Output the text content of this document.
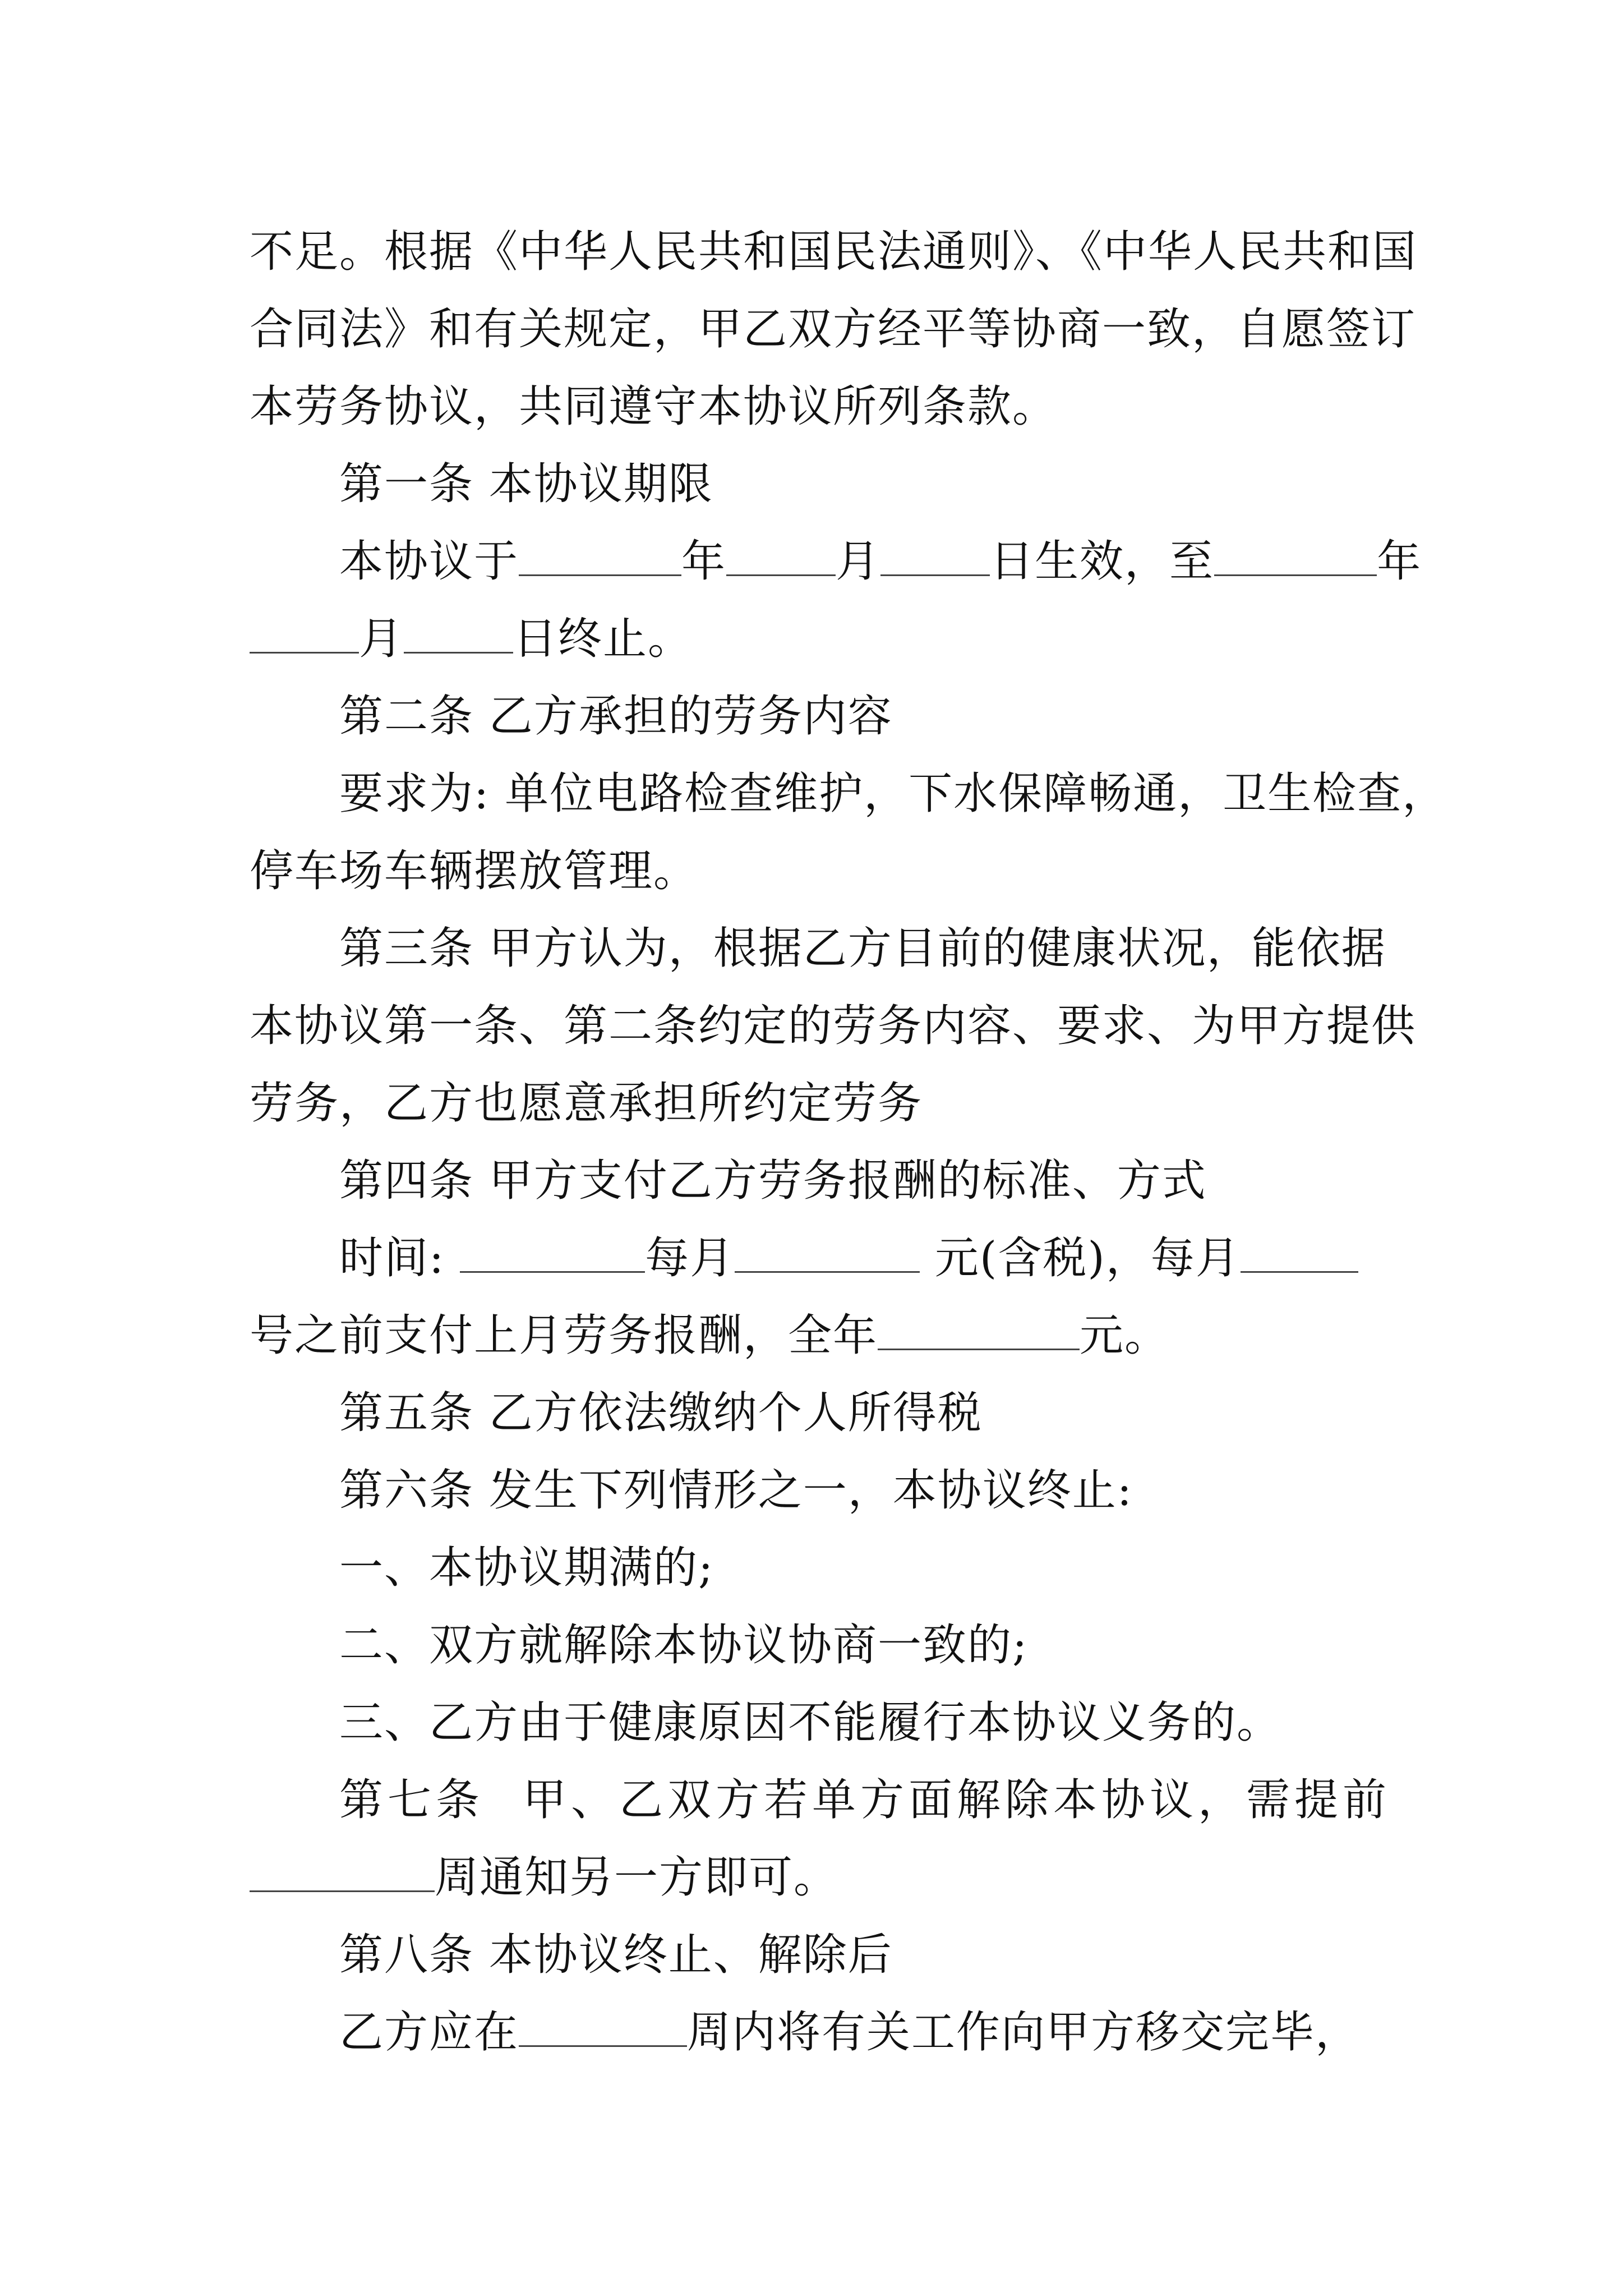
不足。根据《中华人民共和国民法通则》、《中华人民共和国
合同法》和有关规定，甲乙双方经平等协商一致，自愿签订
本劳务协议，共同遵守本协议所列条款。
第一条 本协议期限
本协议于	年	月	日生效，至	年
月	日终止。
第二条 乙方承担的劳务内容
要求为: 单位电路检查维护，下水保障畅通，卫生检查，
停车场车辆摆放管理。
第三条 甲方认为，根据乙方目前的健康状况，能依据
本协议第一条、第二条约定的劳务内容、要求、为甲方提供
劳务，乙方也愿意承担所约定劳务
第四条 甲方支付乙方劳务报酬的标准、方式
时间:	每月	元(含税)，每月
号之前支付上月劳务报酬，全年	元。
第五条 乙方依法缴纳个人所得税
第六条 发生下列情形之一，本协议终止:
一、本协议期满的;
二、双方就解除本协议协商一致的;
三、乙方由于健康原因不能履行本协议义务的。
第七条 甲、乙双方若单方面解除本协议，需提前
周通知另一方即可。
第八条 本协议终止、解除后
乙方应在	周内将有关工作向甲方移交完毕，
